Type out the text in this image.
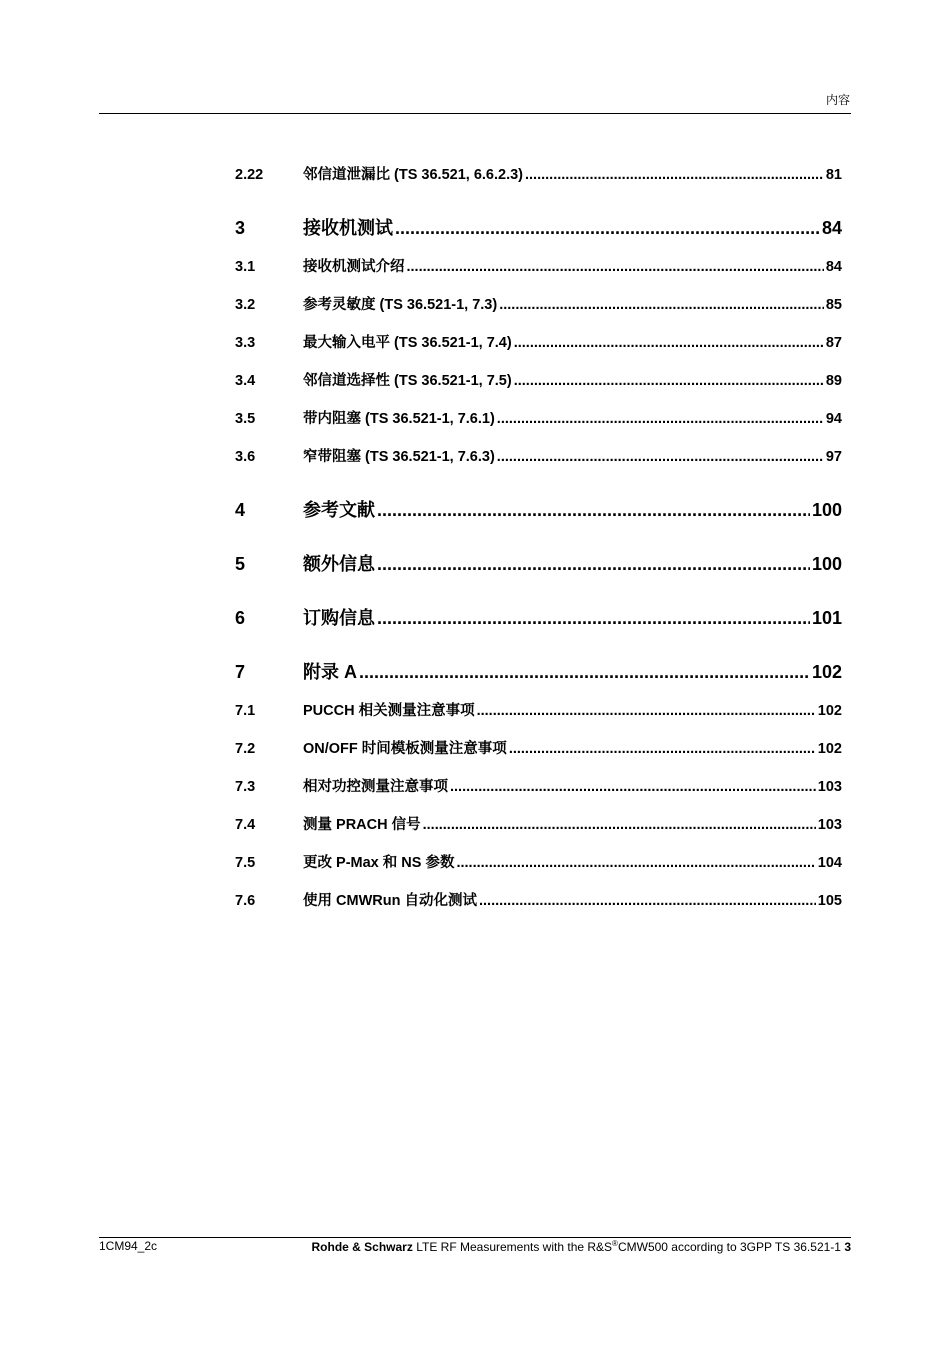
内容
2.22	邻信道泄漏比 (TS 36.521, 6.6.2.3) .....	81
3	接收机测试 .....	84
3.1	接收机测试介绍 .....	84
3.2	参考灵敏度 (TS 36.521-1, 7.3) .....	85
3.3	最大输入电平 (TS 36.521-1, 7.4) .....	87
3.4	邻信道选择性 (TS 36.521-1, 7.5) .....	89
3.5	带内阻塞 (TS 36.521-1, 7.6.1) .....	94
3.6	窄带阻塞 (TS 36.521-1, 7.6.3) .....	97
4	参考文献 .....	100
5	额外信息 .....	100
6	订购信息 .....	101
7	附录 A .....	102
7.1	PUCCH 相关测量注意事项 .....	102
7.2	ON/OFF 时间模板测量注意事项 .....	102
7.3	相对功控测量注意事项 .....	103
7.4	测量 PRACH 信号 .....	103
7.5	更改 P-Max 和 NS 参数 .....	104
7.6	使用 CMWRun 自动化测试 .....	105
1CM94_2c	Rohde & Schwarz LTE RF Measurements with the R&S®CMW500 according to 3GPP TS 36.521-1 3
